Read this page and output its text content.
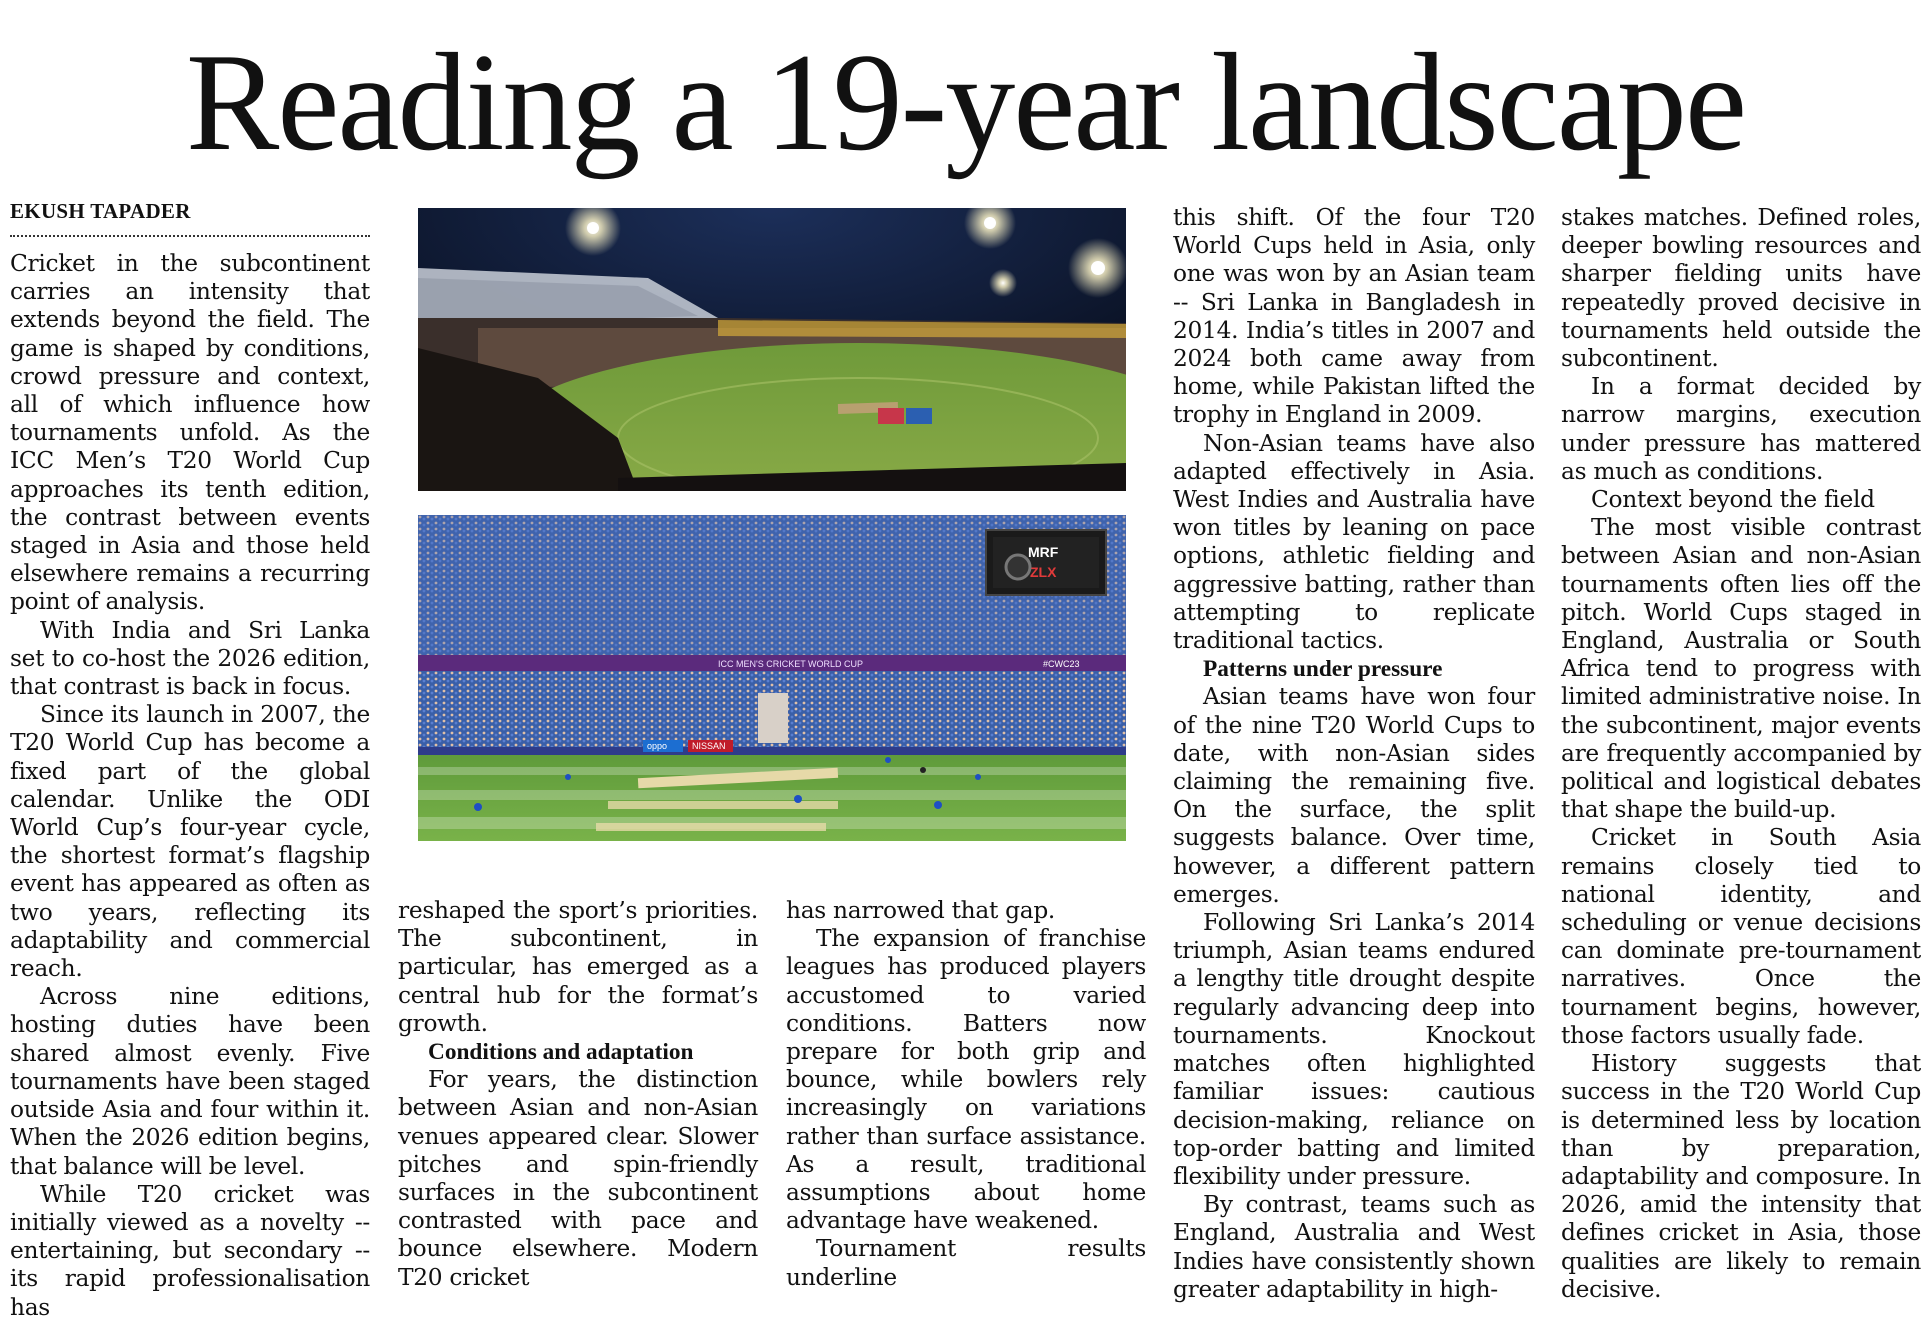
Reading a 19-year landscape
EKUSH TAPADER

Cricket in the subcontinent carries an intensity that extends beyond the field. The game is shaped by conditions, crowd pressure and context, all of which influence how tournaments unfold. As the ICC Men’s T20 World Cup approaches its tenth edition, the contrast between events staged in Asia and those held elsewhere remains a recurring point of analysis.

With India and Sri Lanka set to co-host the 2026 edition, that contrast is back in focus.

Since its launch in 2007, the T20 World Cup has become a fixed part of the global calendar. Unlike the ODI World Cup’s four-year cycle, the shortest format’s flagship event has appeared as often as two years, reflecting its adaptability and commercial reach.

Across nine editions, hosting duties have been shared almost evenly. Five tournaments have been staged outside Asia and four within it. When the 2026 edition begins, that balance will be level.

While T20 cricket was initially viewed as a novelty -- entertaining, but secondary -- its rapid professionalisation has

ICC MEN'S CRICKET WORLD CUP	#CWC23
oppo	NISSAN
MRF
ZLX

reshaped the sport’s priorities. The subcontinent, in particular, has emerged as a central hub for the format’s growth.

Conditions and adaptation

For years, the distinction between Asian and non-Asian venues appeared clear. Slower pitches and spin-friendly surfaces in the subcontinent contrasted with pace and bounce elsewhere. Modern T20 cricket

has narrowed that gap.

The expansion of franchise leagues has produced players accustomed to varied conditions. Batters now prepare for both grip and bounce, while bowlers rely increasingly on variations rather than surface assistance. As a result, traditional assumptions about home advantage have weakened.

Tournament results underline

this shift. Of the four T20 World Cups held in Asia, only one was won by an Asian team -- Sri Lanka in Bangladesh in 2014. India’s titles in 2007 and 2024 both came away from home, while Pakistan lifted the trophy in England in 2009.

Non-Asian teams have also adapted effectively in Asia. West Indies and Australia have won titles by leaning on pace options, athletic fielding and aggressive batting, rather than attempting to replicate traditional tactics.

Patterns under pressure

Asian teams have won four of the nine T20 World Cups to date, with non-Asian sides claiming the remaining five. On the surface, the split suggests balance. Over time, however, a different pattern emerges.

Following Sri Lanka’s 2014 triumph, Asian teams endured a lengthy title drought despite regularly advancing deep into tournaments. Knockout matches often highlighted familiar issues: cautious decision-making, reliance on top-order batting and limited flexibility under pressure.

By contrast, teams such as England, Australia and West Indies have consistently shown greater adaptability in high-

stakes matches. Defined roles, deeper bowling resources and sharper fielding units have repeatedly proved decisive in tournaments held outside the subcontinent.

In a format decided by narrow margins, execution under pressure has mattered as much as conditions.

Context beyond the field

The most visible contrast between Asian and non-Asian tournaments often lies off the pitch. World Cups staged in England, Australia or South Africa tend to progress with limited administrative noise. In the subcontinent, major events are frequently accompanied by political and logistical debates that shape the build-up.

Cricket in South Asia remains closely tied to national identity, and scheduling or venue decisions can dominate pre-tournament narratives. Once the tournament begins, however, those factors usually fade.

History suggests that success in the T20 World Cup is determined less by location than by preparation, adaptability and composure. In 2026, amid the intensity that defines cricket in Asia, those qualities are likely to remain decisive.
